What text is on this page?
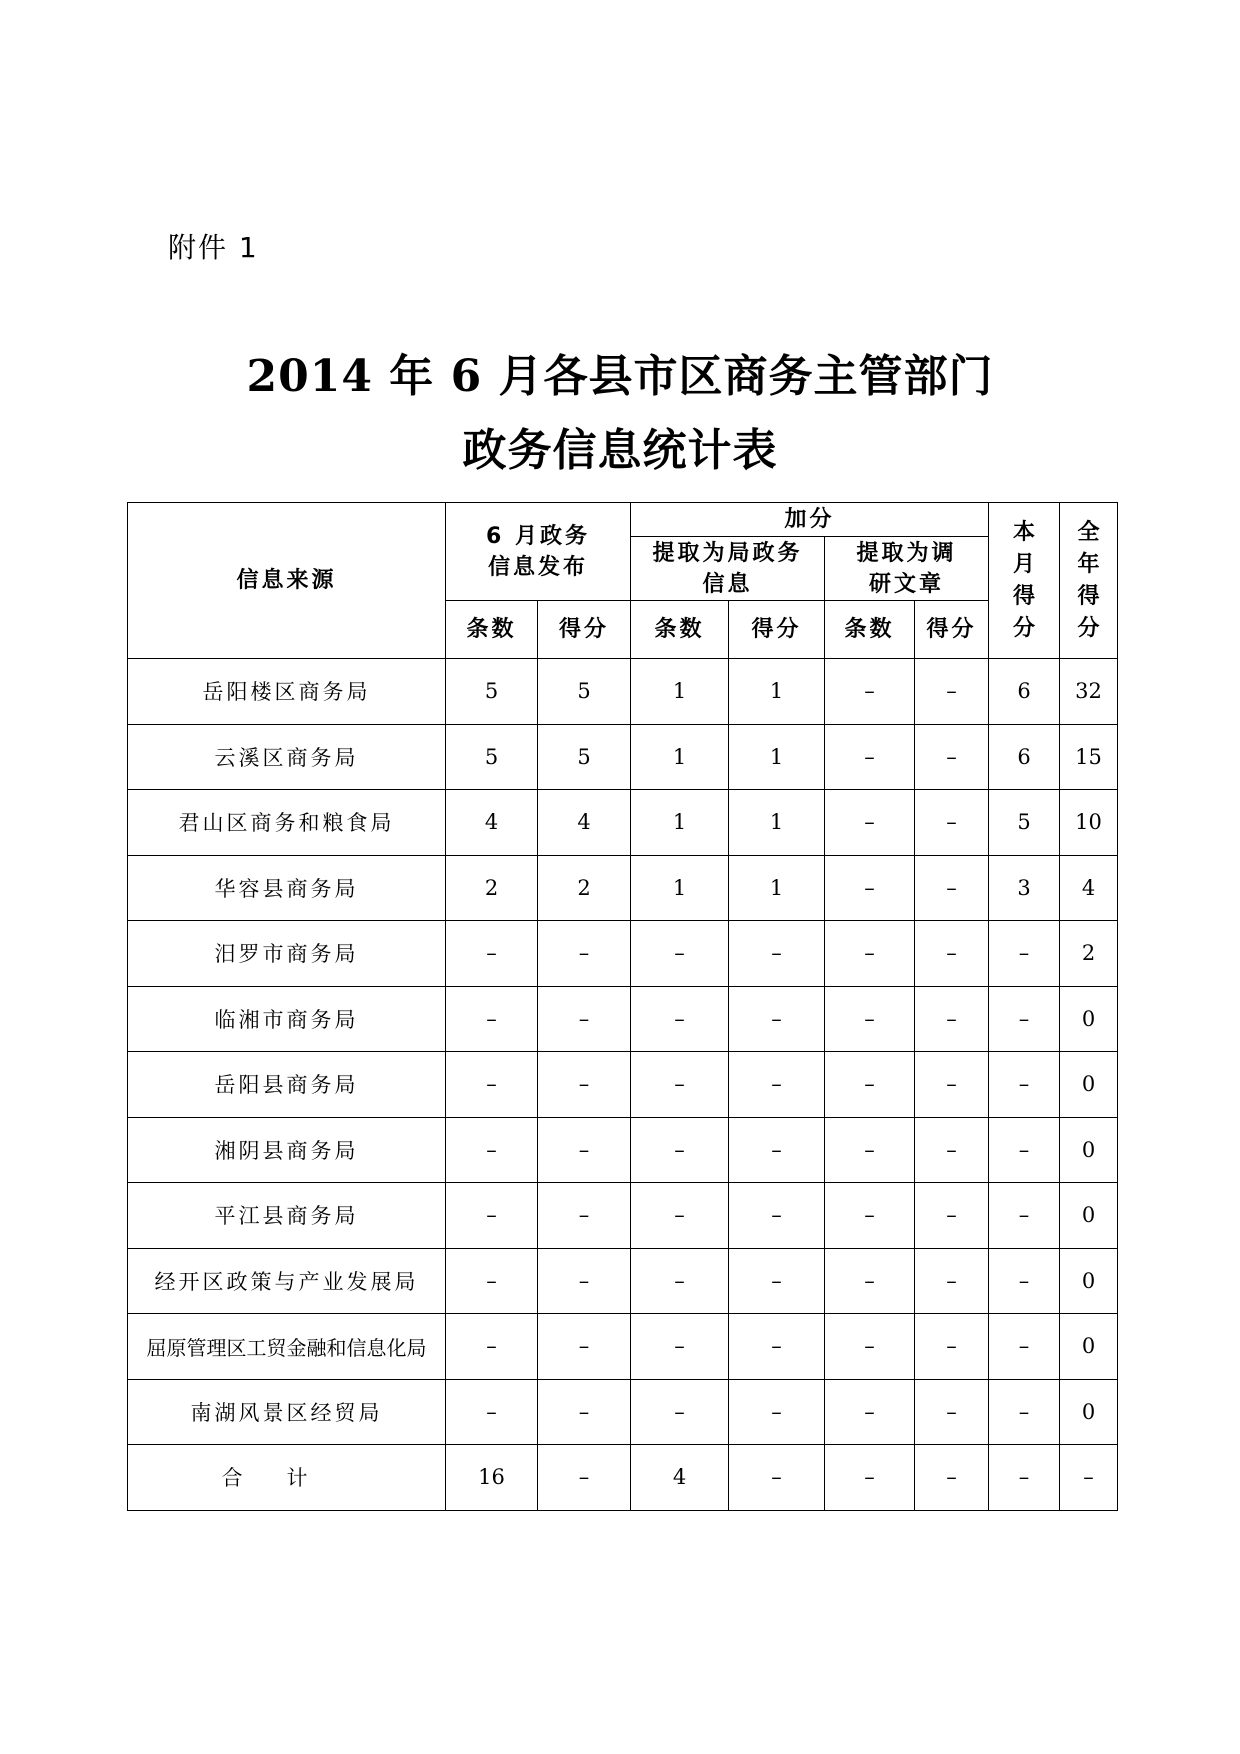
附件 1
2014 年 6 月各县市区商务主管部门
政务信息统计表
信息来源	6 月政务信息发布		加分				本月得分	全年得分
			提取为局政务信息		提取为调研文章			
	条数	得分	条数	得分	条数	得分		
岳阳楼区商务局	5	5	1	1	–	–	6	32
云溪区商务局	5	5	1	1	–	–	6	15
君山区商务和粮食局	4	4	1	1	–	–	5	10
华容县商务局	2	2	1	1	–	–	3	4
汨罗市商务局	–	–	–	–	–	–	–	2
临湘市商务局	–	–	–	–	–	–	–	0
岳阳县商务局	–	–	–	–	–	–	–	0
湘阴县商务局	–	–	–	–	–	–	–	0
平江县商务局	–	–	–	–	–	–	–	0
经开区政策与产业发展局	–	–	–	–	–	–	–	0
屈原管理区工贸金融和信息化局	–	–	–	–	–	–	–	0
南湖风景区经贸局	–	–	–	–	–	–	–	0
合计	16	–	4	–	–	–	–	–
